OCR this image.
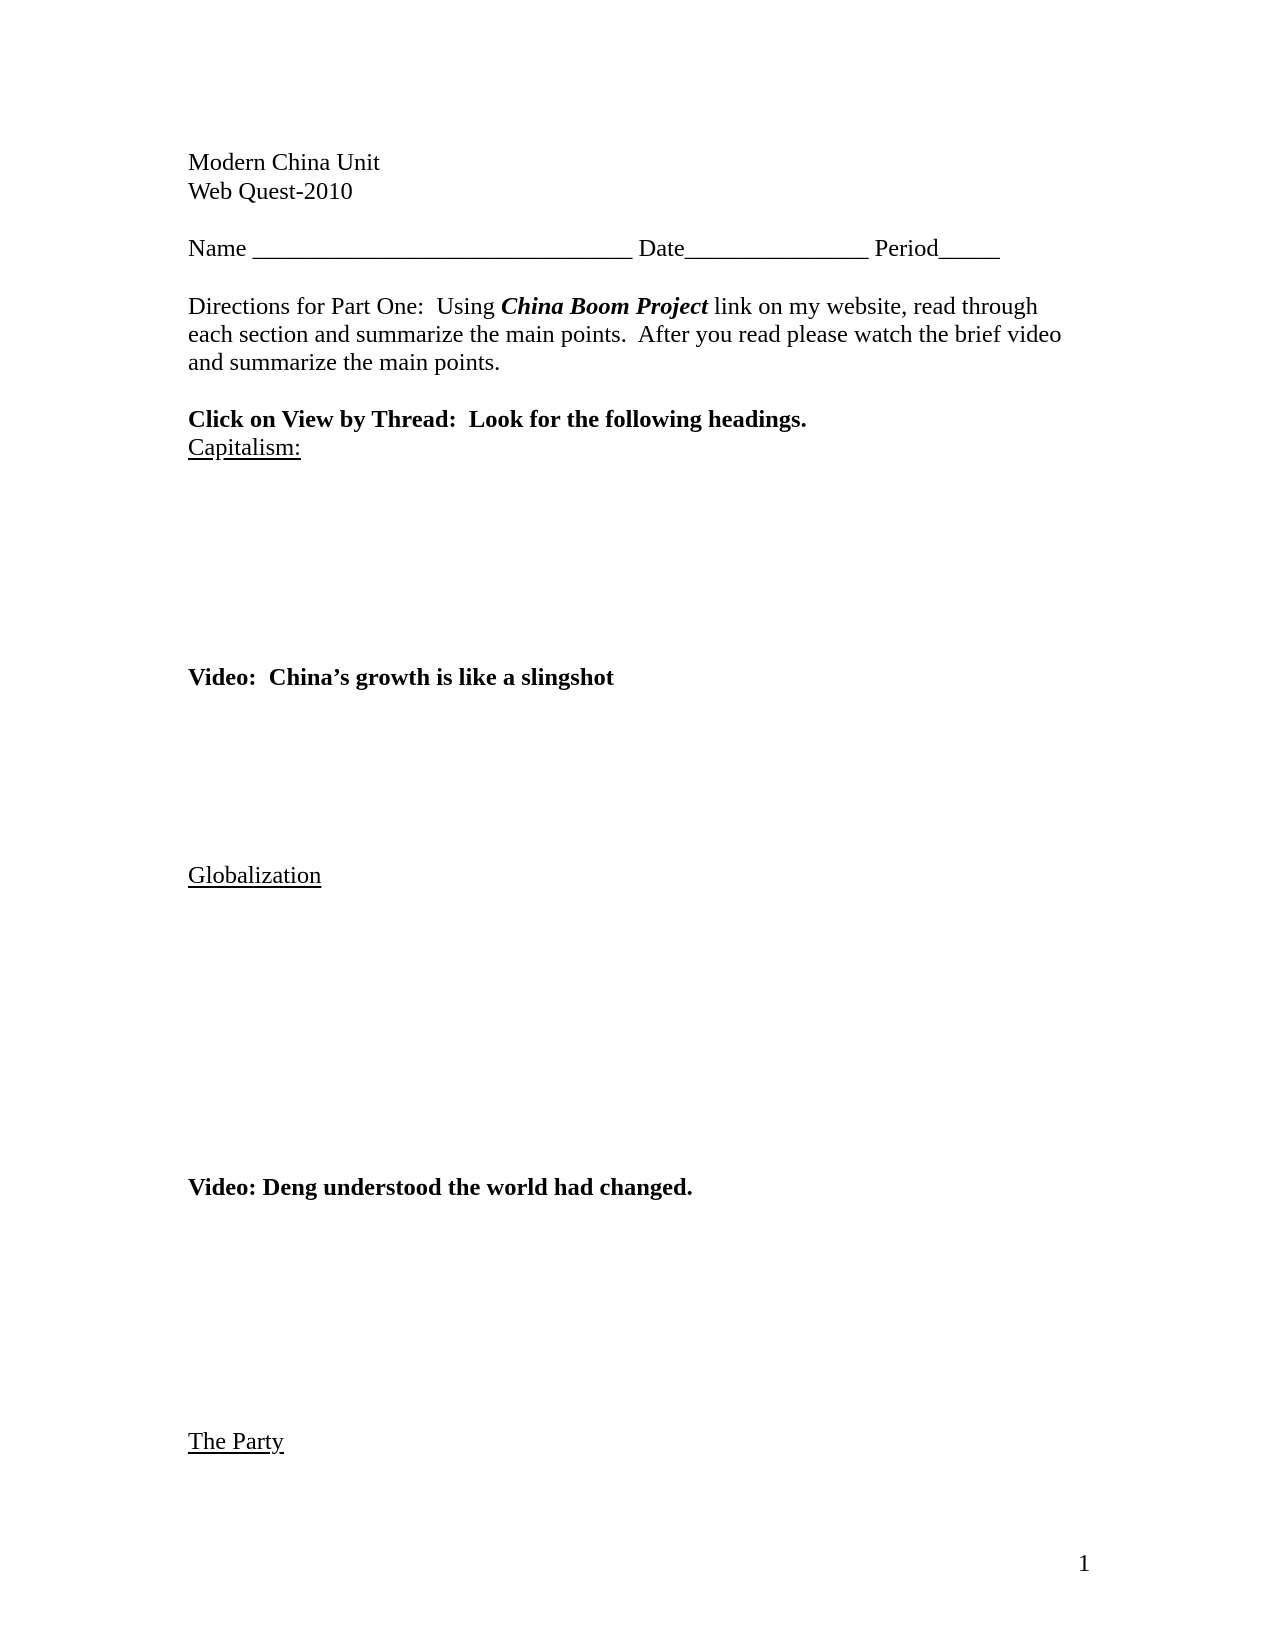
Modern China Unit

Web Quest-2010

Name _______________________________ Date_______________ Period_____

Directions for Part One:  Using China Boom Project link on my website, read through

each section and summarize the main points.  After you read please watch the brief video

and summarize the main points.

Click on View by Thread:  Look for the following headings.

Capitalism:

Video:  China’s growth is like a slingshot

Globalization

Video: Deng understood the world had changed.

The Party

1
